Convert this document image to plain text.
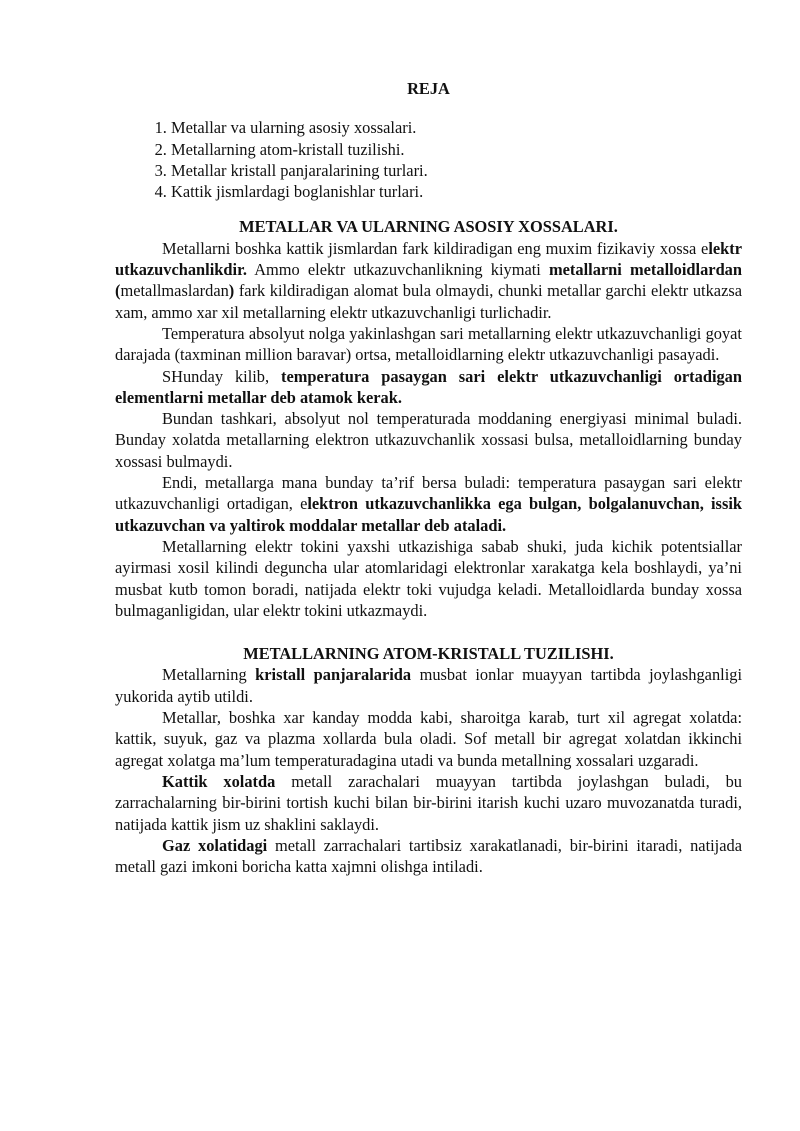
REJA
1. Metallar va ularning asosiy xossalari.
2. Metallarning atom-kristall tuzilishi.
3. Metallar kristall panjaralarining turlari.
4. Kattik jismlardagi boglanishlar turlari.
METALLAR VA ULARNING ASOSIY XOSSALARI.

Metallarni boshka kattik jismlardan fark kildiradigan eng muxim fizikaviy xossa elektr utkazuvchanlikdir. Ammo elektr utkazuvchanlikning kiymati metallarni metalloidlardan (metallmaslardan) fark kildiradigan alomat bula olmaydi, chunki metallar garchi elektr utkazsa xam, ammo xar xil metallarning elektr utkazuvchanligi turlichadir.

Temperatura absolyut nolga yakinlashgan sari metallarning elektr utkazuvchanligi goyat darajada (taxminan million baravar) ortsa, metalloidlarning elektr utkazuvchanligi pasayadi.

SHunday kilib, temperatura pasaygan sari elektr utkazuvchanligi ortadigan elementlarni metallar deb atamok kerak.

Bundan tashkari, absolyut nol temperaturada moddaning energiyasi minimal buladi. Bunday xolatda metallarning elektron utkazuvchanlik xossasi bulsa, metalloidlarning bunday xossasi bulmaydi.

Endi, metallarga mana bunday ta’rif bersa buladi: temperatura pasaygan sari elektr utkazuvchanligi ortadigan, elektron utkazuvchanlikka ega bulgan, bolgalanuvchan, issik utkazuvchan va yaltirok moddalar metallar deb ataladi.

Metallarning elektr tokini yaxshi utkazishiga sabab shuki, juda kichik potentsiallar ayirmasi xosil kilindi deguncha ular atomlaridagi elektronlar xarakatga kela boshlaydi, ya’ni musbat kutb tomon boradi, natijada elektr toki vujudga keladi. Metalloidlarda bunday xossa bulmaganligidan, ular elektr tokini utkazmaydi.

METALLARNING ATOM-KRISTALL TUZILISHI.

Metallarning kristall panjaralarida musbat ionlar muayyan tartibda joylashganligi yukorida aytib utildi.

Metallar, boshka xar kanday modda kabi, sharoitga karab, turt xil agregat xolatda: kattik, suyuk, gaz va plazma xollarda bula oladi. Sof metall bir agregat xolatdan ikkinchi agregat xolatga ma’lum temperaturadagina utadi va bunda metallning xossalari uzgaradi.

Kattik xolatda metall zarachalari muayyan tartibda joylashgan buladi, bu zarrachalarning bir-birini tortish kuchi bilan bir-birini itarish kuchi uzaro muvozanatda turadi, natijada kattik jism uz shaklini saklaydi.

Gaz xolatidagi metall zarrachalari tartibsiz xarakatlanadi, bir-birini itaradi, natijada metall gazi imkoni boricha katta xajmni olishga intiladi.
